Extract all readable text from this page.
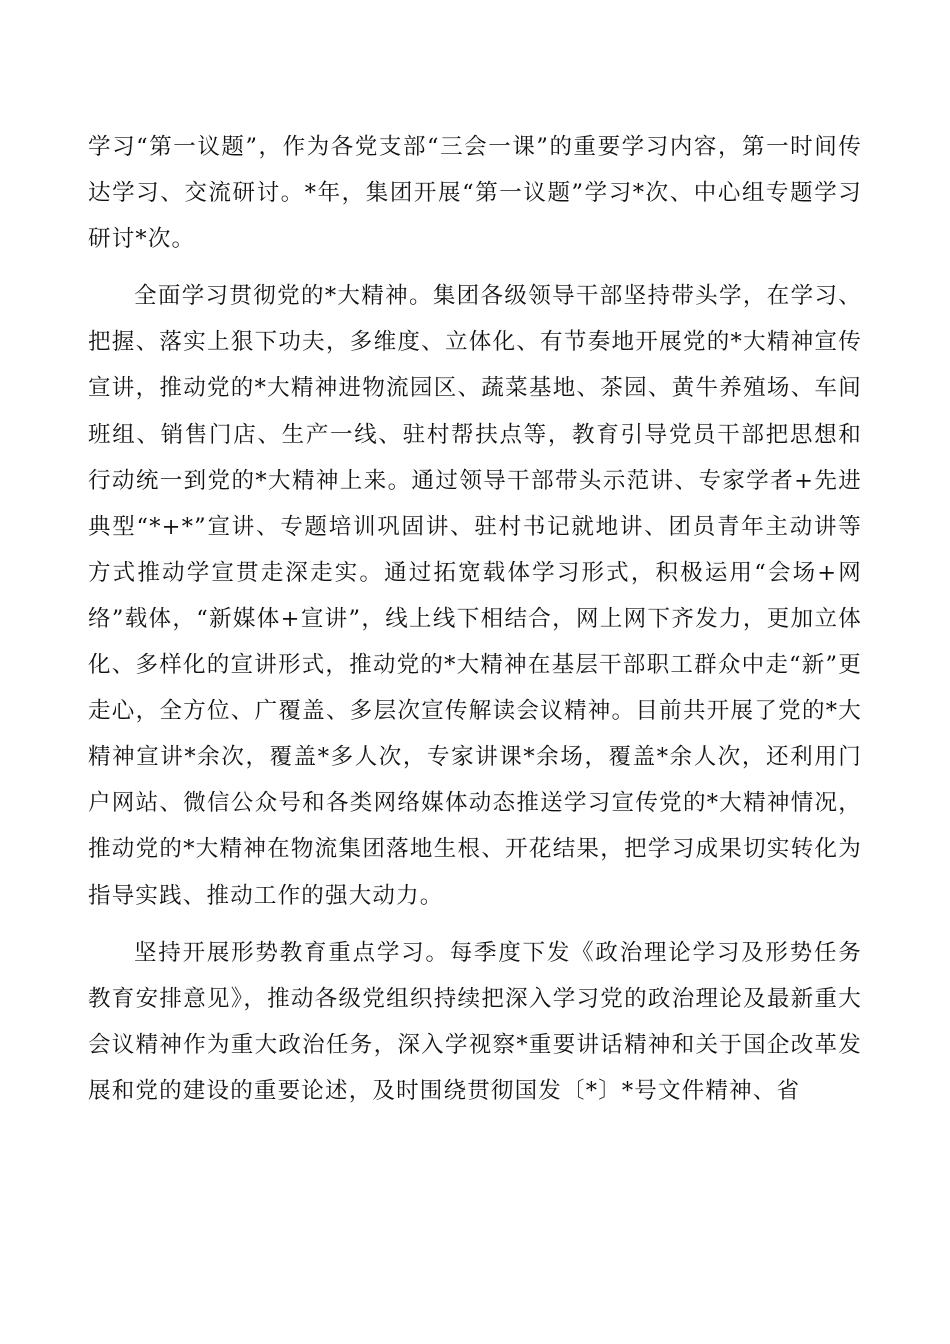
学习“第一议题”，作为各党支部“三会一课”的重要学习内容，第一时间传达学习、交流研讨。*年，集团开展“第一议题”学习*次、中心组专题学习研讨*次。

全面学习贯彻党的*大精神。集团各级领导干部坚持带头学，在学习、把握、落实上狠下功夫，多维度、立体化、有节奏地开展党的*大精神宣传宣讲，推动党的*大精神进物流园区、蔬菜基地、茶园、黄牛养殖场、车间班组、销售门店、生产一线、驻村帮扶点等，教育引导党员干部把思想和行动统一到党的*大精神上来。通过领导干部带头示范讲、专家学者+先进典型“*+*”宣讲、专题培训巩固讲、驻村书记就地讲、团员青年主动讲等方式推动学宣贯走深走实。通过拓宽载体学习形式，积极运用“会场+网络”载体，“新媒体+宣讲”，线上线下相结合，网上网下齐发力，更加立体化、多样化的宣讲形式，推动党的*大精神在基层干部职工群众中走“新”更走心，全方位、广覆盖、多层次宣传解读会议精神。目前共开展了党的*大精神宣讲*余次，覆盖*多人次，专家讲课*余场，覆盖*余人次，还利用门户网站、微信公众号和各类网络媒体动态推送学习宣传党的*大精神情况，推动党的*大精神在物流集团落地生根、开花结果，把学习成果切实转化为指导实践、推动工作的强大动力。

坚持开展形势教育重点学习。每季度下发《政治理论学习及形势任务教育安排意见》，推动各级党组织持续把深入学习党的政治理论及最新重大会议精神作为重大政治任务，深入学视察*重要讲话精神和关于国企改革发展和党的建设的重要论述，及时围绕贯彻国发〔*〕*号文件精神、省
